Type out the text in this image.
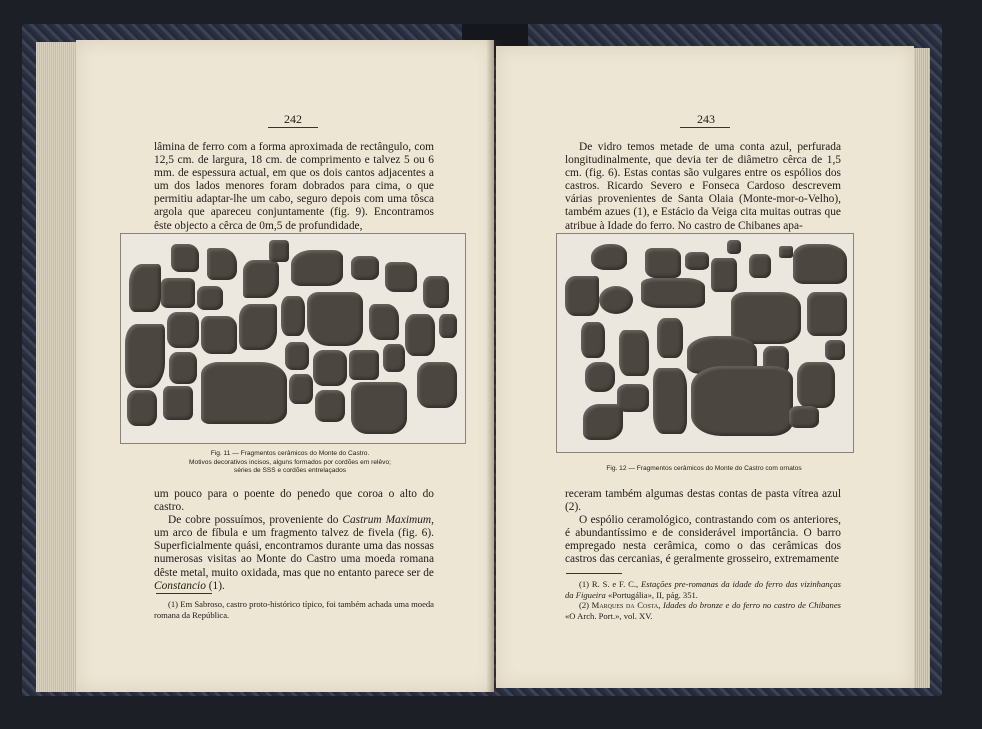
242

lâmina de ferro com a forma aproximada de rectângulo, com 12,5 cm. de largura, 18 cm. de comprimento e talvez 5 ou 6 mm. de espessura actual, em que os dois cantos adjacentes a um dos lados menores foram dobrados para cima, o que permitiu adaptar-lhe um cabo, seguro depois com uma tôsca argola que apareceu conjuntamente (fig. 9). Encontramos êste objecto a cêrca de 0m,5 de profundidade,

Fig. 11 — Fragmentos cerâmicos do Monte do Castro.
Motivos decorativos incisos, alguns formados por cordões em relêvo;
séries de SSS e cordões entrelaçados

um pouco para o poente do penedo que coroa o alto do castro.

De cobre possuímos, proveniente do Castrum Maximum, um arco de fíbula e um fragmento talvez de fivela (fig. 6). Superficialmente quási, encontramos durante uma das nossas numerosas visitas ao Monte do Castro uma moeda romana dêste metal, muito oxidada, mas que no entanto parece ser de Constancio (1).

(1) Em Sabroso, castro proto-histórico típico, foi também achada uma moeda romana da República.

243

De vidro temos metade de uma conta azul, perfurada longitudinalmente, que devia ter de diâmetro cêrca de 1,5 cm. (fig. 6). Estas contas são vulgares entre os espólios dos castros. Ricardo Severo e Fonseca Cardoso descrevem várias provenientes de Santa Olaia (Monte-mor-o-Velho), também azues (1), e Estácio da Veiga cita muitas outras que atribue à Idade do ferro. No castro de Chibanes apa-

Fig. 12 — Fragmentos cerâmicos do Monte do Castro com ornatos

receram também algumas destas contas de pasta vítrea azul (2).

O espólio ceramológico, contrastando com os anteriores, é abundantíssimo e de considerável importância. O barro empregado nesta cerâmica, como o das cerâmicas dos castros das cercanias, é geralmente grosseiro, extremamente

(1) R. S. e F. C., Estações pre-romanas da idade do ferro das vizinhanças da Figueira «Portugália», II, pág. 351.

(2) Marques da Costa, Idades do bronze e do ferro no castro de Chibanes «O Arch. Port.», vol. XV.
